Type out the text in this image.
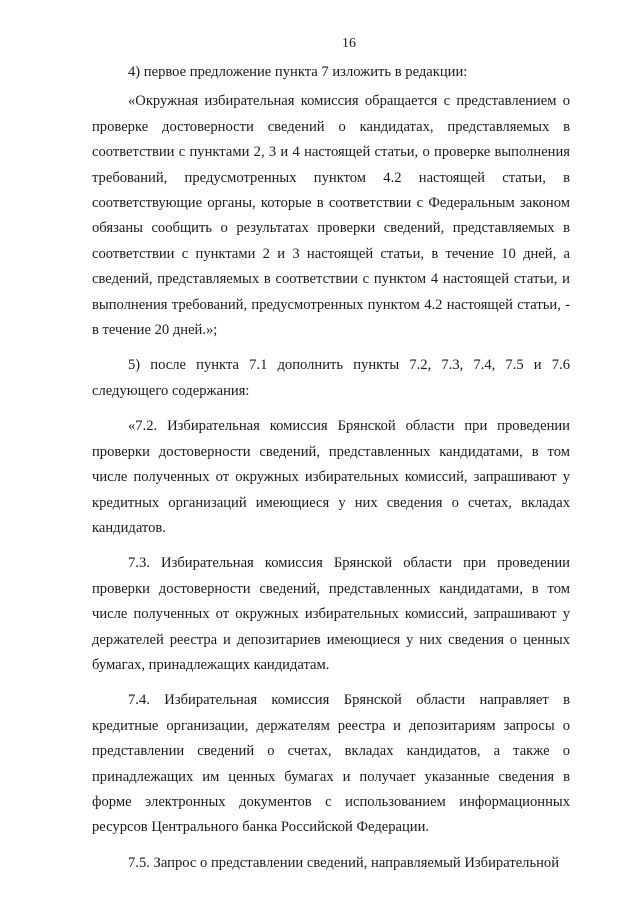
16

4) первое предложение пункта 7 изложить в редакции:

«Окружная избирательная комиссия обращается с представлением о проверке достоверности сведений о кандидатах, представляемых в соответствии с пунктами 2, 3 и 4 настоящей статьи, о проверке выполнения требований, предусмотренных пунктом 4.2 настоящей статьи, в соответствующие органы, которые в соответствии с Федеральным законом обязаны сообщить о результатах проверки сведений, представляемых в соответствии с пунктами 2 и 3 настоящей статьи, в течение 10 дней, а сведений, представляемых в соответствии с пунктом 4 настоящей статьи, и выполнения требований, предусмотренных пунктом 4.2 настоящей статьи, - в течение 20 дней.»;

5) после пункта 7.1 дополнить пункты 7.2, 7.3, 7.4, 7.5 и 7.6 следующего содержания:

«7.2. Избирательная комиссия Брянской области при проведении проверки достоверности сведений, представленных кандидатами, в том числе полученных от окружных избирательных комиссий, запрашивают у кредитных организаций имеющиеся у них сведения о счетах, вкладах кандидатов.

7.3. Избирательная комиссия Брянской области при проведении проверки достоверности сведений, представленных кандидатами, в том числе полученных от окружных избирательных комиссий, запрашивают у держателей реестра и депозитариев имеющиеся у них сведения о ценных бумагах, принадлежащих кандидатам.

7.4. Избирательная комиссия Брянской области направляет в кредитные организации, держателям реестра и депозитариям запросы о представлении сведений о счетах, вкладах кандидатов, а также о принадлежащих им ценных бумагах и получает указанные сведения в форме электронных документов с использованием информационных ресурсов Центрального банка Российской Федерации.

7.5. Запрос о представлении сведений, направляемый Избирательной
